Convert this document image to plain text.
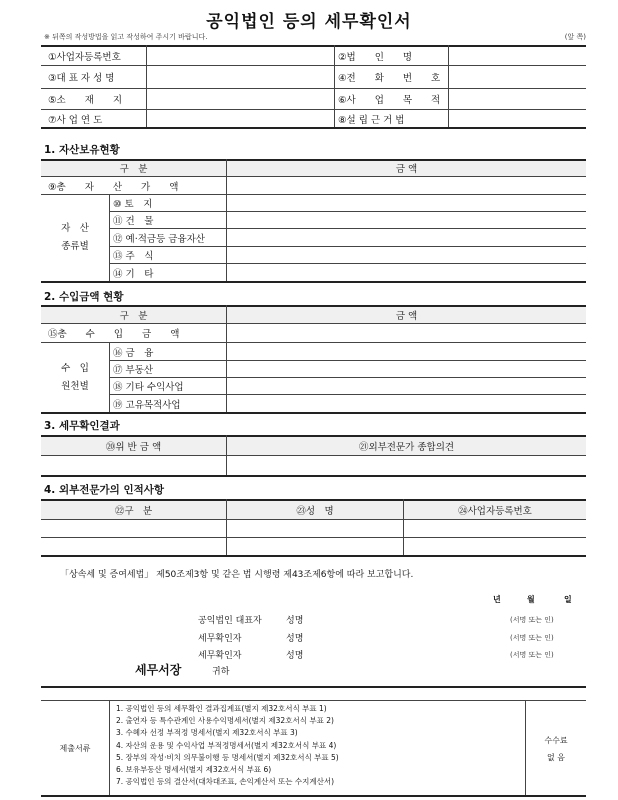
공익법인 등의 세무확인서
※ 뒤쪽의 작성방법을 읽고 작성하여 주시기 바랍니다.	(앞 쪽)
①사업자등록번호	②법　　인　　명
③대 표 자 성 명	④전　　화　　번　　호
⑤소　　재　　지	⑥사　　업　　목　　적
⑦사 업 연 도	⑧설 립 근 거 법
1. 자산보유현황
구　분	금 액
⑨총　　자　　산　　가　　액
자　산
종류별
⑩ 토　지
⑪ 건　물
⑫ 예·적금등 금융자산
⑬ 주　식
⑭ 기　타
2. 수입금액 현황
구　분	금 액
⑮총　　수　　입　　금　　액
수　입
원천별
⑯ 금　융
⑰ 부동산
⑱ 기타 수익사업
⑲ 고유목적사업
3. 세무확인결과
⑳위 반 금 액	㉑외부전문가 종합의견
4. 외부전문가의 인적사항
㉒구　분	㉓성　명	㉔사업자등록번호
「상속세 및 증여세법」 제50조제3항 및 같은 법 시행령 제43조제6항에 따라 보고합니다.
년	월	일
공익법인 대표자	성명	(서명 또는 인)
세무확인자	성명	(서명 또는 인)
세무확인자	성명	(서명 또는 인)
세무서장	귀하
제출서류
1. 공익법인 등의 세무확인 결과집계표(별지 제32호서식 부표 1)
2. 출연자 등 특수관계인 사용수익명세서(별지 제32호서식 부표 2)
3. 수혜자 선정 부적정 명세서(별지 제32호서식 부표 3)
4. 자산의 운용 및 수익사업 부적정명세서(별지 제32호서식 부표 4)
5. 장부의 작성·비치 의무불이행 등 명세서(별지 제32호서식 부표 5)
6. 보유부동산 명세서(별지 제32호서식 부표 6)
7. 공익법인 등의 결산서(대차대조표, 손익계산서 또는 수지계산서)
수수료
없 음
